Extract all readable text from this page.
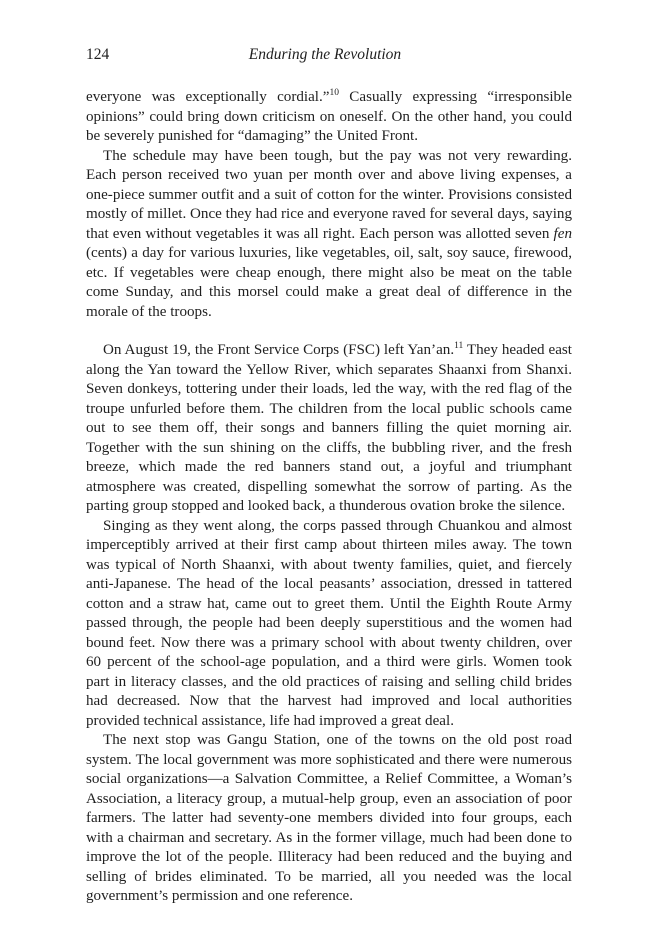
124	Enduring the Revolution

everyone was exceptionally cordial.”$^{10}$ Casually expressing “irresponsible opinions” could bring down criticism on oneself. On the other hand, you could be severely punished for “damaging” the United Front.

The schedule may have been tough, but the pay was not very rewarding. Each person received two yuan per month over and above living expenses, a one-piece summer outfit and a suit of cotton for the winter. Provisions consisted mostly of millet. Once they had rice and everyone raved for several days, saying that even without vegetables it was all right. Each person was allotted seven fen (cents) a day for various luxuries, like vegetables, oil, salt, soy sauce, firewood, etc. If vegetables were cheap enough, there might also be meat on the table come Sunday, and this morsel could make a great deal of difference in the morale of the troops.

On August 19, the Front Service Corps (FSC) left Yan’an.$^{11}$ They headed east along the Yan toward the Yellow River, which separates Shaanxi from Shanxi. Seven donkeys, tottering under their loads, led the way, with the red flag of the troupe unfurled before them. The children from the local public schools came out to see them off, their songs and banners filling the quiet morning air. Together with the sun shining on the cliffs, the bubbling river, and the fresh breeze, which made the red banners stand out, a joyful and triumphant atmosphere was created, dispelling somewhat the sorrow of parting. As the parting group stopped and looked back, a thunderous ovation broke the silence.

Singing as they went along, the corps passed through Chuankou and almost imperceptibly arrived at their first camp about thirteen miles away. The town was typical of North Shaanxi, with about twenty families, quiet, and fiercely anti-Japanese. The head of the local peasants’ association, dressed in tattered cotton and a straw hat, came out to greet them. Until the Eighth Route Army passed through, the people had been deeply superstitious and the women had bound feet. Now there was a primary school with about twenty children, over 60 percent of the school-age population, and a third were girls. Women took part in literacy classes, and the old practices of raising and selling child brides had decreased. Now that the harvest had improved and local authorities provided technical assistance, life had improved a great deal.

The next stop was Gangu Station, one of the towns on the old post road system. The local government was more sophisticated and there were numerous social organizations—a Salvation Committee, a Relief Committee, a Woman’s Association, a literacy group, a mutual-help group, even an association of poor farmers. The latter had seventy-one members divided into four groups, each with a chairman and secretary. As in the former village, much had been done to improve the lot of the people. Illiteracy had been reduced and the buying and selling of brides eliminated. To be married, all you needed was the local government’s permission and one reference.
